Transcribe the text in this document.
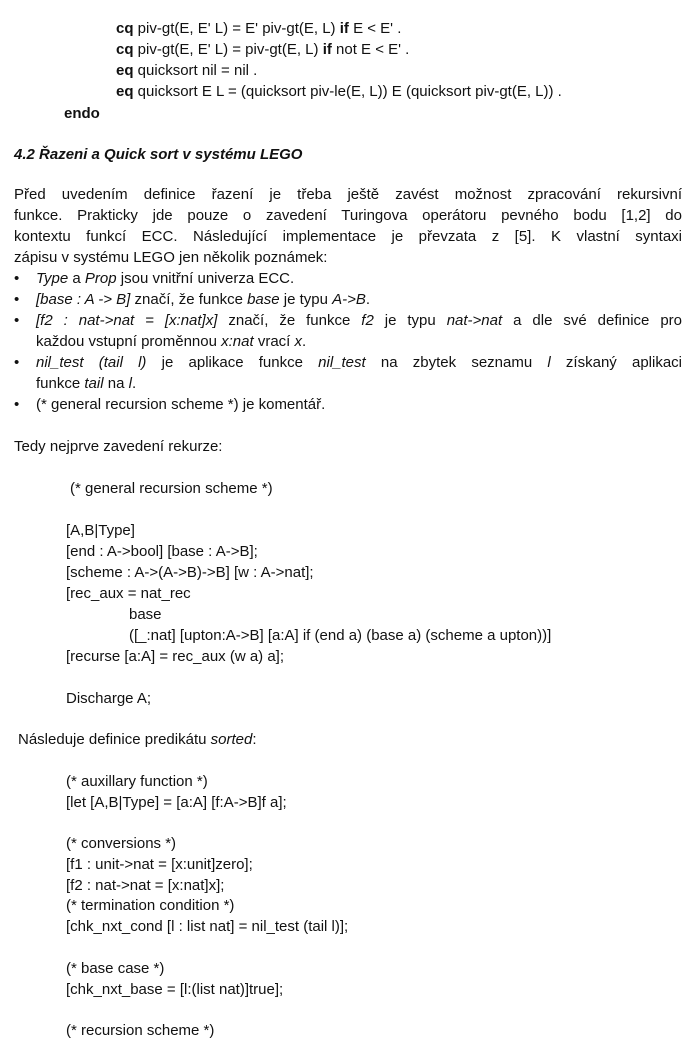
cq piv-gt(E, E' L) = E' piv-gt(E, L) if E < E' .
cq piv-gt(E, E' L) = piv-gt(E, L) if not E < E' .
eq quicksort nil = nil .
eq quicksort E L = (quicksort piv-le(E, L)) E (quicksort piv-gt(E, L)) .
endo
4.2 Řazeni a Quick sort v systému LEGO
Před uvedením definice řazení je třeba ještě zavést možnost zpracování rekursivní
funkce. Prakticky jde pouze o zavedení Turingova operátoru pevného bodu [1,2] do
kontextu funkcí ECC. Následující implementace je převzata z [5]. K vlastní syntaxi
zápisu v systému LEGO jen několik poznámek:
• Type a Prop jsou vnitřní univerza ECC.
• [base : A -> B] značí, že funkce base je typu A->B.
• [f2 : nat->nat = [x:nat]x] značí, že funkce f2 je typu nat->nat a dle své definice pro
každou vstupní proměnnou x:nat vrací x.
• nil_test (tail l) je aplikace funkce nil_test na zbytek seznamu l získaný aplikaci
funkce tail na l.
• (* general recursion scheme *) je komentář.
Tedy nejprve zavedení rekurze:
(* general recursion scheme *)
[A,B|Type]
[end : A->bool] [base : A->B];
[scheme : A->(A->B)->B] [w : A->nat];
[rec_aux = nat_rec
base
([_:nat] [upton:A->B] [a:A] if (end a) (base a) (scheme a upton))]
[recurse [a:A] = rec_aux (w a) a];
Discharge A;
Následuje definice predikátu sorted:
(* auxillary function *)
[let [A,B|Type] = [a:A] [f:A->B]f a];
(* conversions *)
[f1 : unit->nat = [x:unit]zero];
[f2 : nat->nat = [x:nat]x];
(* termination condition *)
[chk_nxt_cond [l : list nat] = nil_test (tail l)];
(* base case *)
[chk_nxt_base = [l:(list nat)]true];
(* recursion scheme *)
